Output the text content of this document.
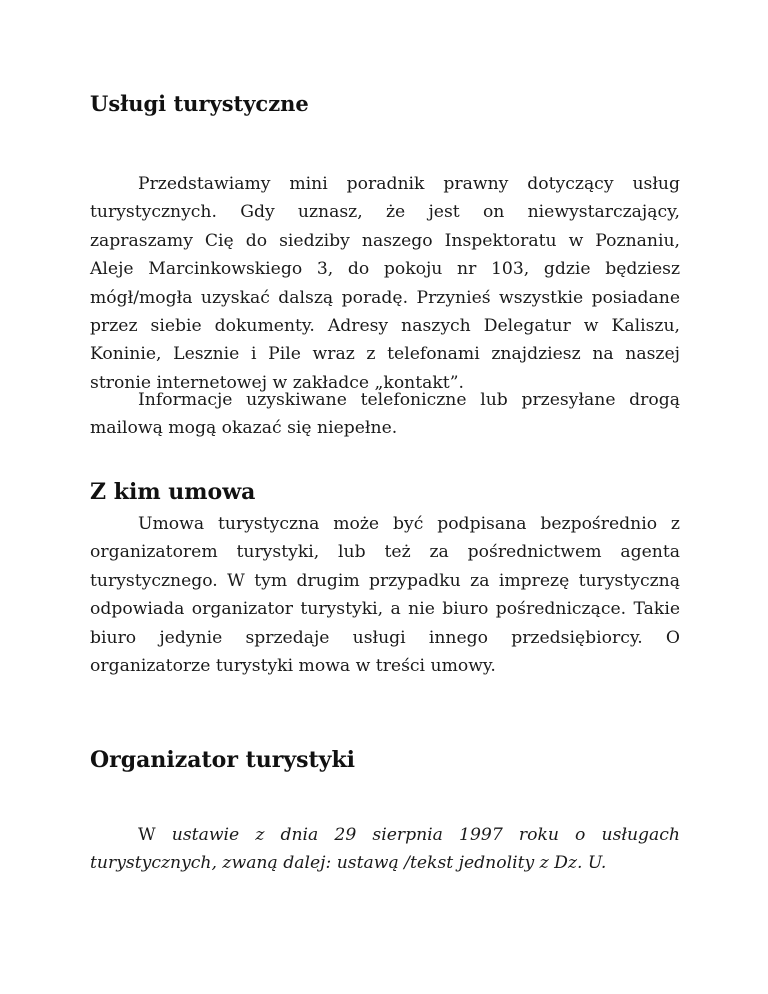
Usługi turystyczne

Przedstawiamy mini poradnik prawny dotyczący usług turystycznych. Gdy uznasz, że jest on niewystarczający, zapraszamy Cię do siedziby naszego Inspektoratu w Poznaniu, Aleje Marcinkowskiego 3, do pokoju nr 103, gdzie będziesz mógł/mogła uzyskać dalszą poradę. Przynieś wszystkie posiadane przez siebie dokumenty. Adresy naszych Delegatur w Kaliszu, Koninie, Lesznie i Pile wraz z telefonami znajdziesz na naszej stronie internetowej w zakładce „kontakt”.

Informacje uzyskiwane telefoniczne lub przesyłane drogą mailową mogą okazać się niepełne.

Z kim umowa

Umowa turystyczna może być podpisana bezpośrednio z organizatorem turystyki, lub też za pośrednictwem agenta turystycznego. W tym drugim przypadku za imprezę turystyczną odpowiada organizator turystyki, a nie biuro pośredniczące. Takie biuro jedynie sprzedaje usługi innego przedsiębiorcy. O organizatorze turystyki mowa w treści umowy.

Organizator turystyki

W ustawie z dnia 29 sierpnia 1997 roku o usługach turystycznych, zwaną dalej: ustawą /tekst jednolity z Dz. U.
